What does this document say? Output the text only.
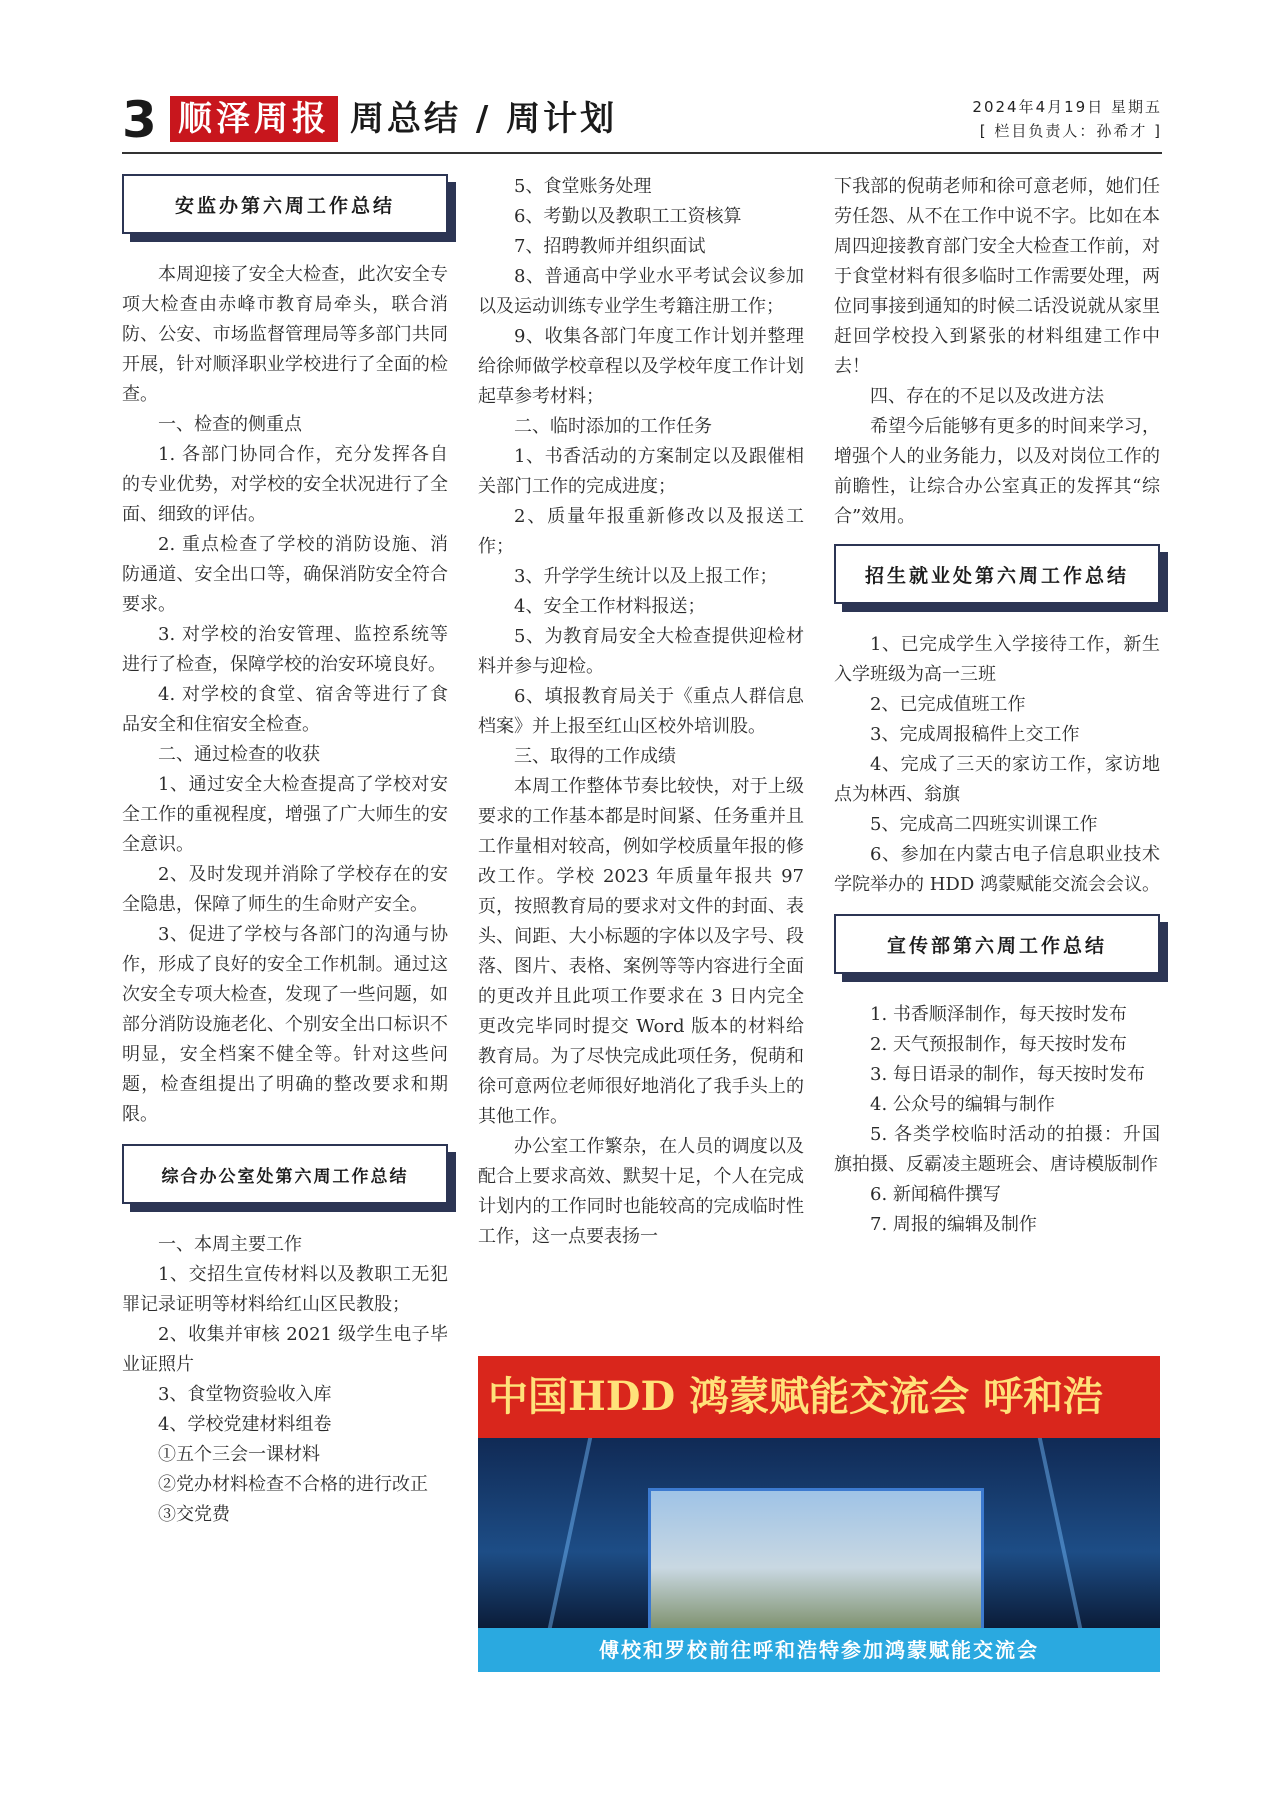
3 顺泽周报 周总结 / 周计划	2024年4月19日 星期五
[ 栏目负责人：孙希才 ]
安监办第六周工作总结

本周迎接了安全大检查，此次安全专项大检查由赤峰市教育局牵头，联合消防、公安、市场监督管理局等多部门共同开展，针对顺泽职业学校进行了全面的检查。

一、检查的侧重点

1. 各部门协同合作，充分发挥各自的专业优势，对学校的安全状况进行了全面、细致的评估。

2. 重点检查了学校的消防设施、消防通道、安全出口等，确保消防安全符合要求。

3. 对学校的治安管理、监控系统等进行了检查，保障学校的治安环境良好。

4. 对学校的食堂、宿舍等进行了食品安全和住宿安全检查。

二、通过检查的收获

1、通过安全大检查提高了学校对安全工作的重视程度，增强了广大师生的安全意识。

2、及时发现并消除了学校存在的安全隐患，保障了师生的生命财产安全。

3、促进了学校与各部门的沟通与协作，形成了良好的安全工作机制。通过这次安全专项大检查，发现了一些问题，如部分消防设施老化、个别安全出口标识不明显，安全档案不健全等。针对这些问题，检查组提出了明确的整改要求和期限。

综合办公室处第六周工作总结

一、本周主要工作

1、交招生宣传材料以及教职工无犯罪记录证明等材料给红山区民教股；

2、收集并审核 2021 级学生电子毕业证照片

3、食堂物资验收入库

4、学校党建材料组卷

①五个三会一课材料

②党办材料检查不合格的进行改正

③交党费

5、食堂账务处理

6、考勤以及教职工工资核算

7、招聘教师并组织面试

8、普通高中学业水平考试会议参加以及运动训练专业学生考籍注册工作；

9、收集各部门年度工作计划并整理给徐师做学校章程以及学校年度工作计划起草参考材料；

二、临时添加的工作任务

1、书香活动的方案制定以及跟催相关部门工作的完成进度；

2、质量年报重新修改以及报送工作；

3、升学学生统计以及上报工作；

4、安全工作材料报送；

5、为教育局安全大检查提供迎检材料并参与迎检。

6、填报教育局关于《重点人群信息档案》并上报至红山区校外培训股。

三、取得的工作成绩

本周工作整体节奏比较快，对于上级要求的工作基本都是时间紧、任务重并且工作量相对较高，例如学校质量年报的修改工作。学校 2023 年质量年报共 97 页，按照教育局的要求对文件的封面、表头、间距、大小标题的字体以及字号、段落、图片、表格、案例等等内容进行全面的更改并且此项工作要求在 3 日内完全更改完毕同时提交 Word 版本的材料给教育局。为了尽快完成此项任务，倪萌和徐可意两位老师很好地消化了我手头上的其他工作。

办公室工作繁杂，在人员的调度以及配合上要求高效、默契十足，个人在完成计划内的工作同时也能较高的完成临时性工作，这一点要表扬一

下我部的倪萌老师和徐可意老师，她们任劳任怨、从不在工作中说不字。比如在本周四迎接教育部门安全大检查工作前，对于食堂材料有很多临时工作需要处理，两位同事接到通知的时候二话没说就从家里赶回学校投入到紧张的材料组建工作中去！

四、存在的不足以及改进方法

希望今后能够有更多的时间来学习，增强个人的业务能力，以及对岗位工作的前瞻性，让综合办公室真正的发挥其“综合”效用。

招生就业处第六周工作总结

1、已完成学生入学接待工作，新生入学班级为高一三班

2、已完成值班工作

3、完成周报稿件上交工作

4、完成了三天的家访工作，家访地点为林西、翁旗

5、完成高二四班实训课工作

6、参加在内蒙古电子信息职业技术学院举办的 HDD 鸿蒙赋能交流会会议。

宣传部第六周工作总结

1. 书香顺泽制作，每天按时发布

2. 天气预报制作，每天按时发布

3. 每日语录的制作，每天按时发布

4. 公众号的编辑与制作

5. 各类学校临时活动的拍摄：升国旗拍摄、反霸凌主题班会、唐诗模版制作

6. 新闻稿件撰写

7. 周报的编辑及制作

中国HDD 鸿蒙赋能交流会 呼和浩
傅校和罗校前往呼和浩特参加鸿蒙赋能交流会
